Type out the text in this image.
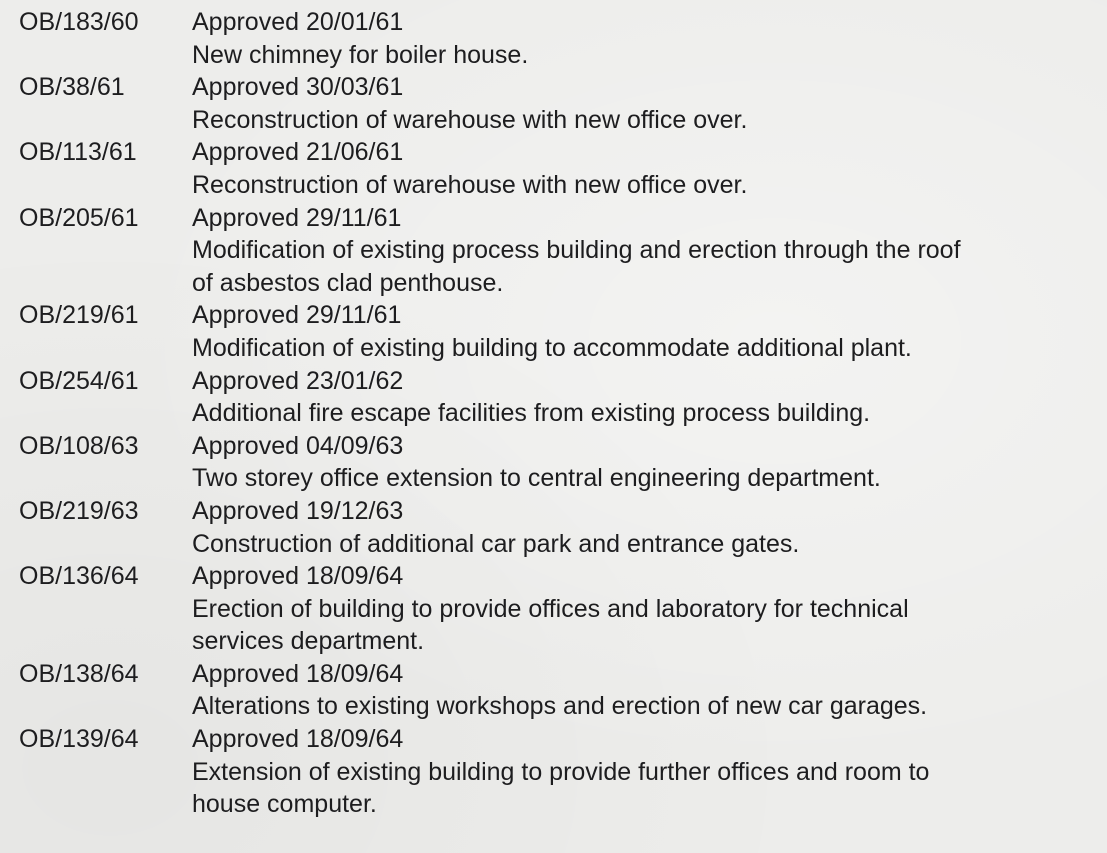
OB/183/60	Approved 20/01/61
New chimney for boiler house.
OB/38/61	Approved 30/03/61
Reconstruction of warehouse with new office over.
OB/113/61	Approved 21/06/61
Reconstruction of warehouse with new office over.
OB/205/61	Approved 29/11/61
Modification of existing process building and erection through the roof
of asbestos clad penthouse.
OB/219/61	Approved 29/11/61
Modification of existing building to accommodate additional plant.
OB/254/61	Approved 23/01/62
Additional fire escape facilities from existing process building.
OB/108/63	Approved 04/09/63
Two storey office extension to central engineering department.
OB/219/63	Approved 19/12/63
Construction of additional car park and entrance gates.
OB/136/64	Approved 18/09/64
Erection of building to provide offices and laboratory for technical
services department.
OB/138/64	Approved 18/09/64
Alterations to existing workshops and erection of new car garages.
OB/139/64	Approved 18/09/64
Extension of existing building to provide further offices and room to
house computer.
